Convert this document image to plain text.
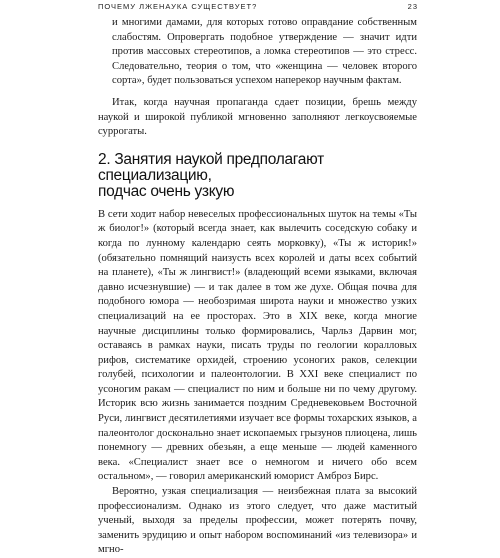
ПОЧЕМУ ЛЖЕНАУКА СУЩЕСТВУЕТ?	23

и многими дамами, для которых готово оправдание собственным слабостям. Опровергать подобное утверждение — значит идти против массовых стереотипов, а ломка стереотипов — это стресс. Следовательно, теория о том, что «женщина — человек второго сорта», будет пользоваться успехом наперекор научным фактам.

Итак, когда научная пропаганда сдает позиции, брешь между наукой и широкой публикой мгновенно заполняют легкоусвояемые суррогаты.

2. Занятия наукой предполагают специализацию,
подчас очень узкую

В сети ходит набор невеселых профессиональных шуток на темы «Ты ж биолог!» (который всегда знает, как вылечить соседскую собаку и когда по лунному календарю сеять морковку), «Ты ж историк!» (обязательно помнящий наизусть всех королей и даты всех событий на планете), «Ты ж лингвист!» (владеющий всеми языками, включая давно исчезнувшие) — и так далее в том же духе. Общая почва для подобного юмора — необозримая широта науки и множество узких специализаций на ее просторах. Это в XIX веке, когда многие научные дисциплины только формировались, Чарльз Дарвин мог, оставаясь в рамках науки, писать труды по геологии коралловых рифов, систематике орхидей, строению усоногих раков, селекции голубей, психологии и палеонтологии. В XXI веке специалист по усоногим ракам — специалист по ним и больше ни по чему другому. Историк всю жизнь занимается поздним Средневековьем Восточной Руси, лингвист десятилетиями изучает все формы тохарских языков, а палеонтолог досконально знает ископаемых грызунов плиоцена, лишь понемногу — древних обезьян, а еще меньше — людей каменного века. «Специалист знает все о немногом и ничего обо всем остальном», — говорил американский юморист Амброз Бирс.

Вероятно, узкая специализация — неизбежная плата за высокий профессионализм. Однако из этого следует, что даже маститый ученый, выходя за пределы профессии, может потерять почву, заменить эрудицию и опыт набором воспоминаний «из телевизора» и мгно-
